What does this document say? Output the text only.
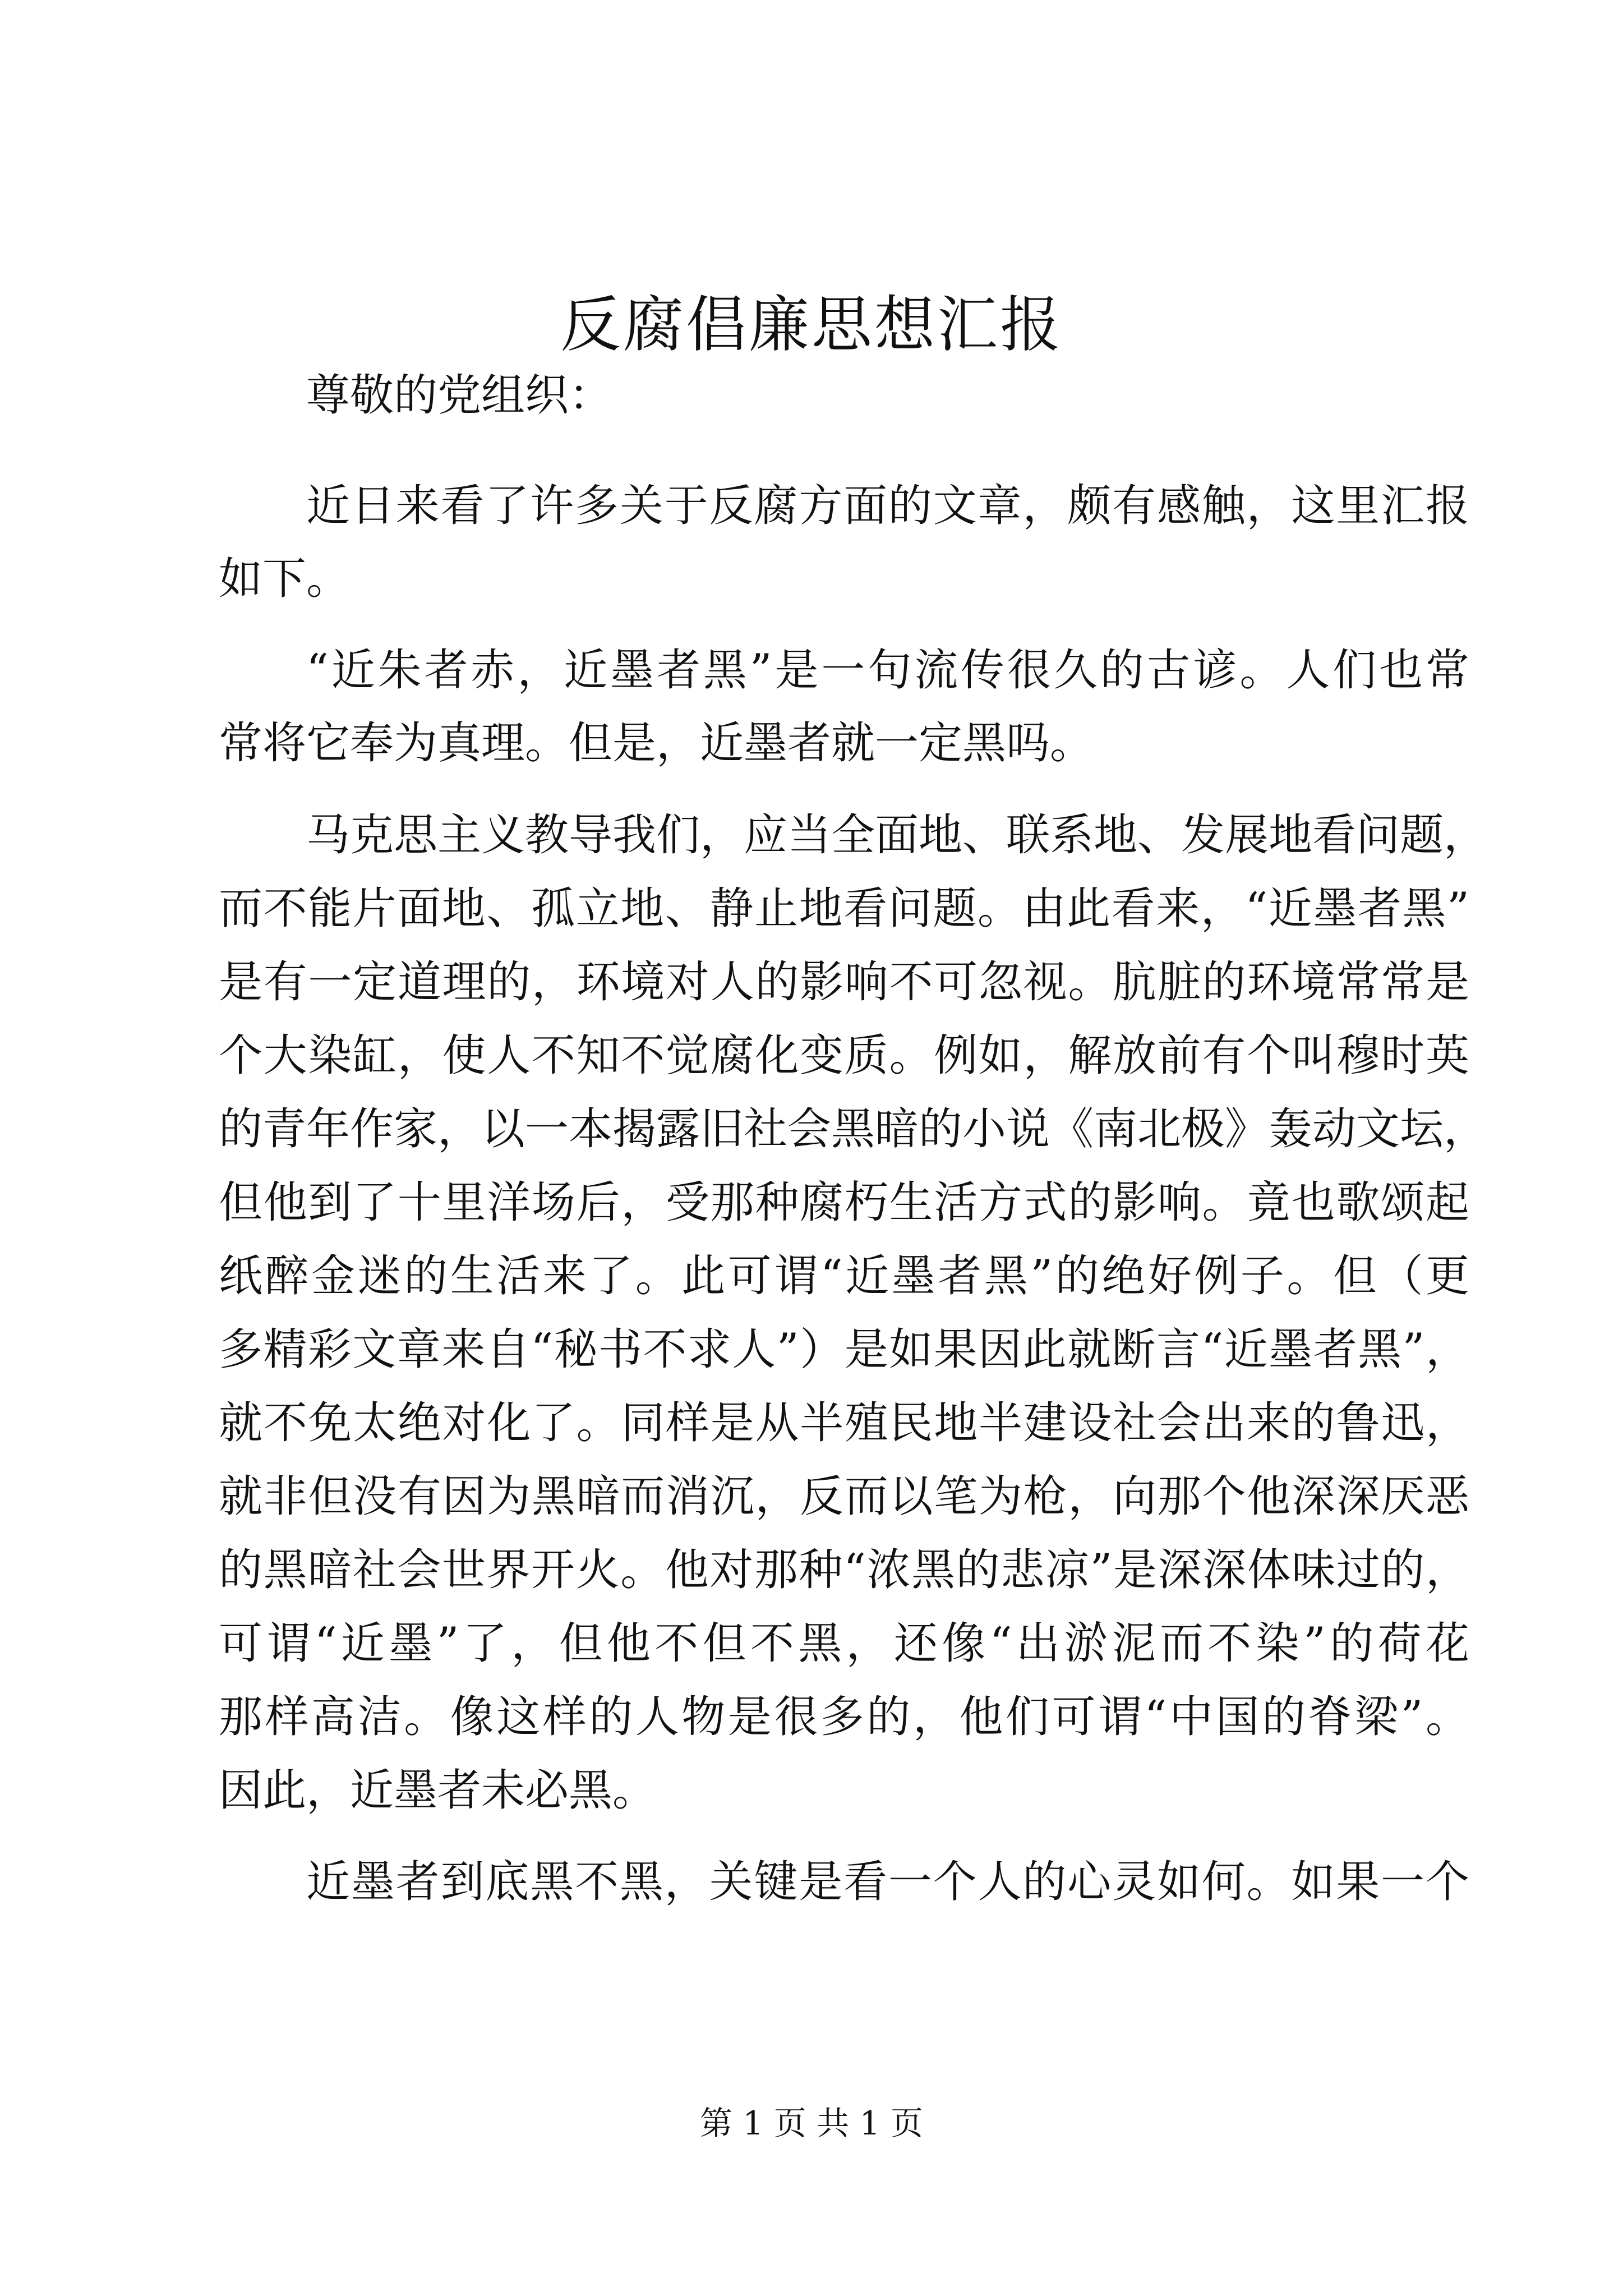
反腐倡廉思想汇报

尊敬的党组织：

近日来看了许多关于反腐方面的文章，颇有感触，这里汇报

如下。

“近朱者赤，近墨者黑”是一句流传很久的古谚。人们也常

常将它奉为真理。但是，近墨者就一定黑吗。

马克思主义教导我们，应当全面地、联系地、发展地看问题，

而不能片面地、孤立地、静止地看问题。由此看来，“近墨者黑”

是有一定道理的，环境对人的影响不可忽视。肮脏的环境常常是

个大染缸，使人不知不觉腐化变质。例如，解放前有个叫穆时英

的青年作家，以一本揭露旧社会黑暗的小说《南北极》轰动文坛，

但他到了十里洋场后，受那种腐朽生活方式的影响。竟也歌颂起

纸醉金迷的生活来了。此可谓“近墨者黑”的绝好例子。但（更

多精彩文章来自“秘书不求人”）是如果因此就断言“近墨者黑”，

就不免太绝对化了。同样是从半殖民地半建设社会出来的鲁迅，

就非但没有因为黑暗而消沉，反而以笔为枪，向那个他深深厌恶

的黑暗社会世界开火。他对那种“浓黑的悲凉”是深深体味过的，

可谓“近墨”了，但他不但不黑，还像“出淤泥而不染”的荷花

那样高洁。像这样的人物是很多的，他们可谓“中国的脊梁”。

因此，近墨者未必黑。

近墨者到底黑不黑，关键是看一个人的心灵如何。如果一个

第 1 页 共 1 页
